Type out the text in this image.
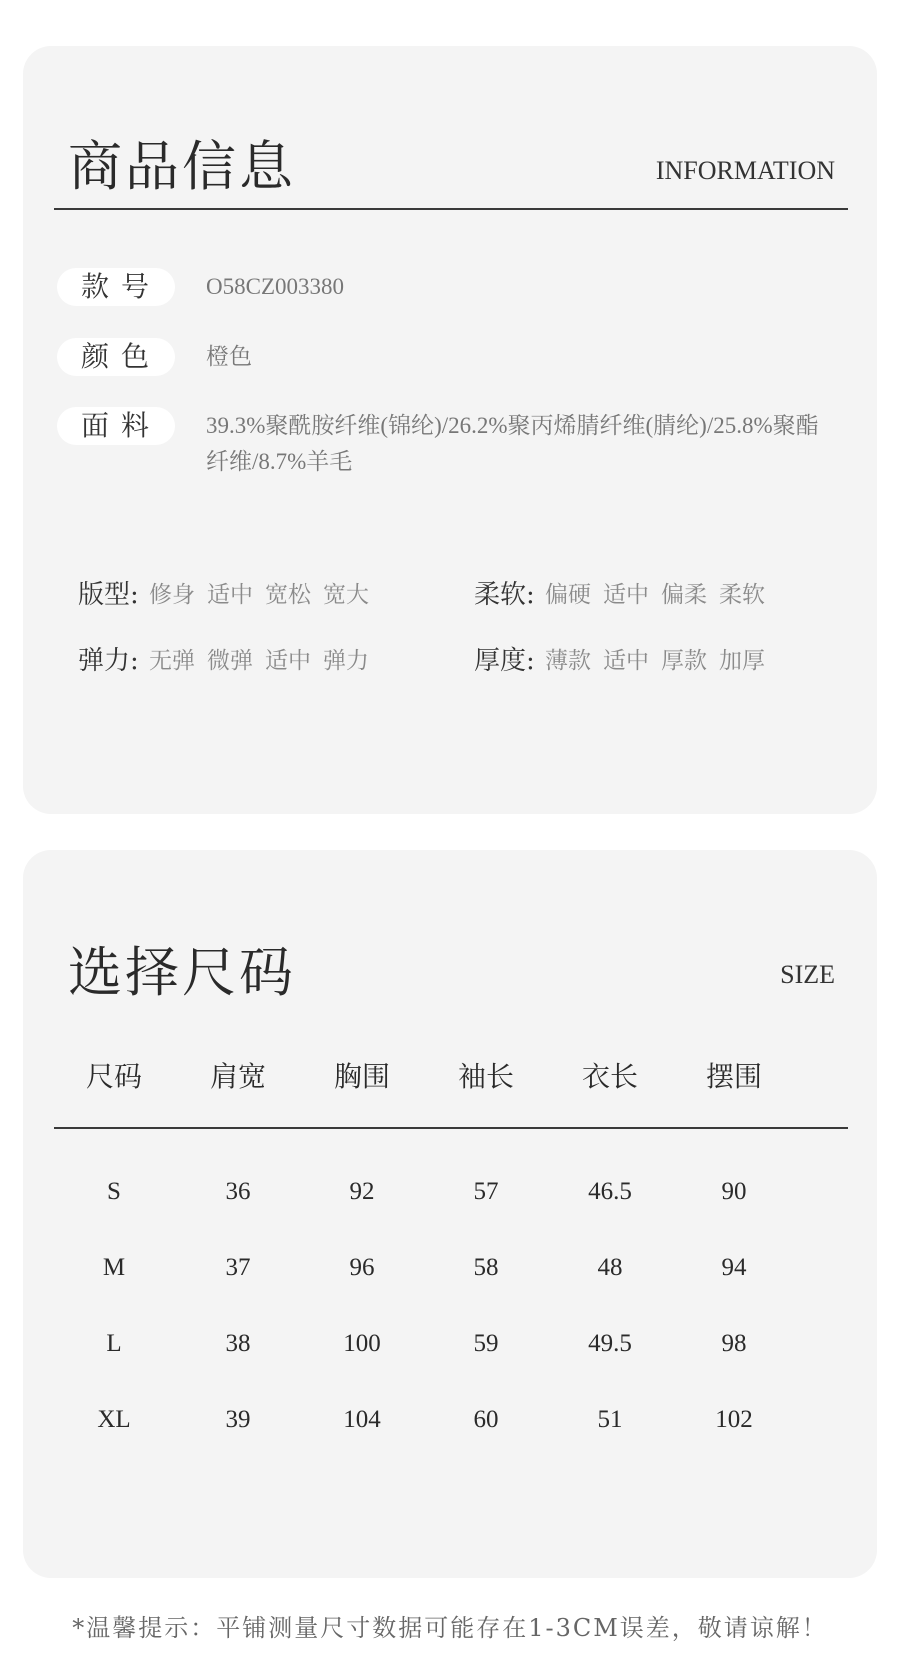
商品信息	INFORMATION
款号	O58CZ003380
颜色	橙色
面料	39.3%聚酰胺纤维(锦纶)/26.2%聚丙烯腈纤维(腈纶)/25.8%聚酯
纤维/8.7%羊毛
版型: 修身 适中 宽松 宽大	柔软: 偏硬 适中 偏柔 柔软
弹力: 无弹 微弹 适中 弹力	厚度: 薄款 适中 厚款 加厚
选择尺码	SIZE
尺码	肩宽	胸围	袖长	衣长	摆围
S	36	92	57	46.5	90
M	37	96	58	48	94
L	38	100	59	49.5	98
XL	39	104	60	51	102
*温馨提示：平铺测量尺寸数据可能存在1-3CM误差，敬请谅解！
